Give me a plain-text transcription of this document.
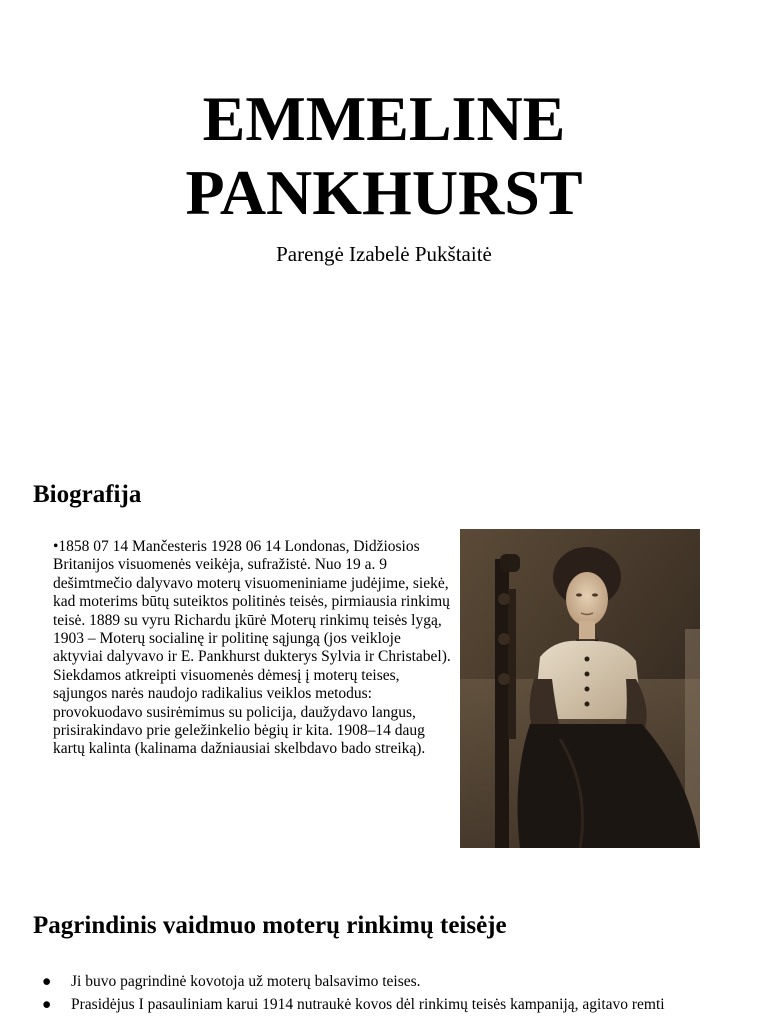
EMMELINE
PANKHURST
Parengė Izabelė Pukštaitė
Biografija
•1858 07 14 Mančesteris 1928 06 14 Londonas, Didžiosios Britanijos visuomenės veikėja, sufražistė. Nuo 19 a. 9 dešimtmečio dalyvavo moterų visuomeniniame judėjime, siekė, kad moterims būtų suteiktos politinės teisės, pirmiausia rinkimų teisė. 1889 su vyru Richardu įkūrė Moterų rinkimų teisės lygą, 1903 – Moterų socialinę ir politinę sąjungą (jos veikloje aktyviai dalyvavo ir E. Pankhurst dukterys Sylvia ir Christabel). Siekdamos atkreipti visuomenės dėmesį į moterų teises, sąjungos narės naudojo radikalius veiklos metodus: provokuodavo susirėmimus su policija, daužydavo langus, prisirakindavo prie geležinkelio bėgių ir kita. 1908–14 daug kartų kalinta (kalinama dažniausiai skelbdavo bado streiką).
Pagrindinis vaidmuo moterų rinkimų teisėje
● Ji buvo pagrindinė kovotoja už moterų balsavimo teises.
● Prasidėjus I pasauliniam karui 1914 nutraukė kovos dėl rinkimų teisės kampaniją, agitavo remti
